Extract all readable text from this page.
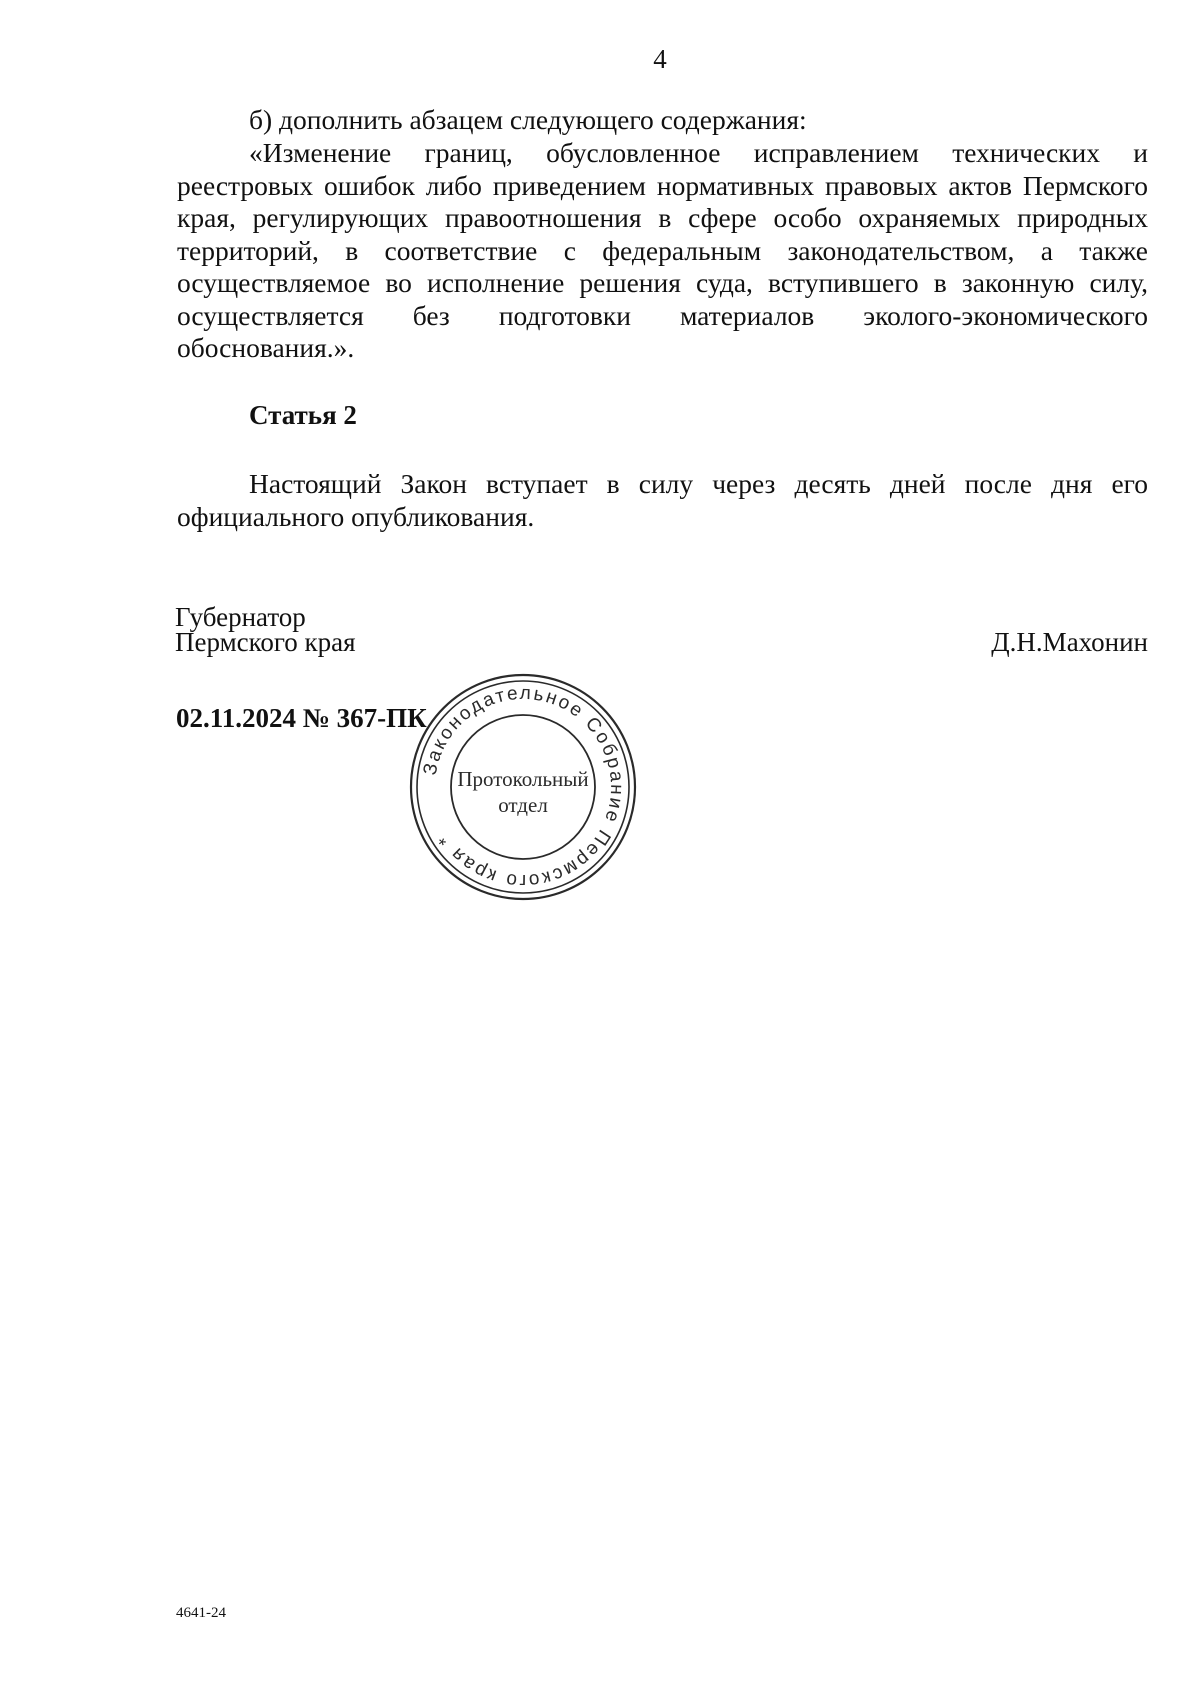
4

б) дополнить абзацем следующего содержания:

«Изменение границ, обусловленное исправлением технических и реестровых ошибок либо приведением нормативных правовых актов Пермского края, регулирующих правоотношения в сфере особо охраняемых природных территорий, в соответствие с федеральным законодательством, а также осуществляемое во исполнение решения суда, вступившего в законную силу, осуществляется без подготовки материалов эколого-экономического обоснования.».

Статья 2

Настоящий Закон вступает в силу через десять дней после дня его официального опубликования.

Губернатор
Пермского края	Д.Н.Махонин
02.11.2024 № 367-ПК
Законодательное Собрание Пермского края *
Протокольный
отдел
4641-24
